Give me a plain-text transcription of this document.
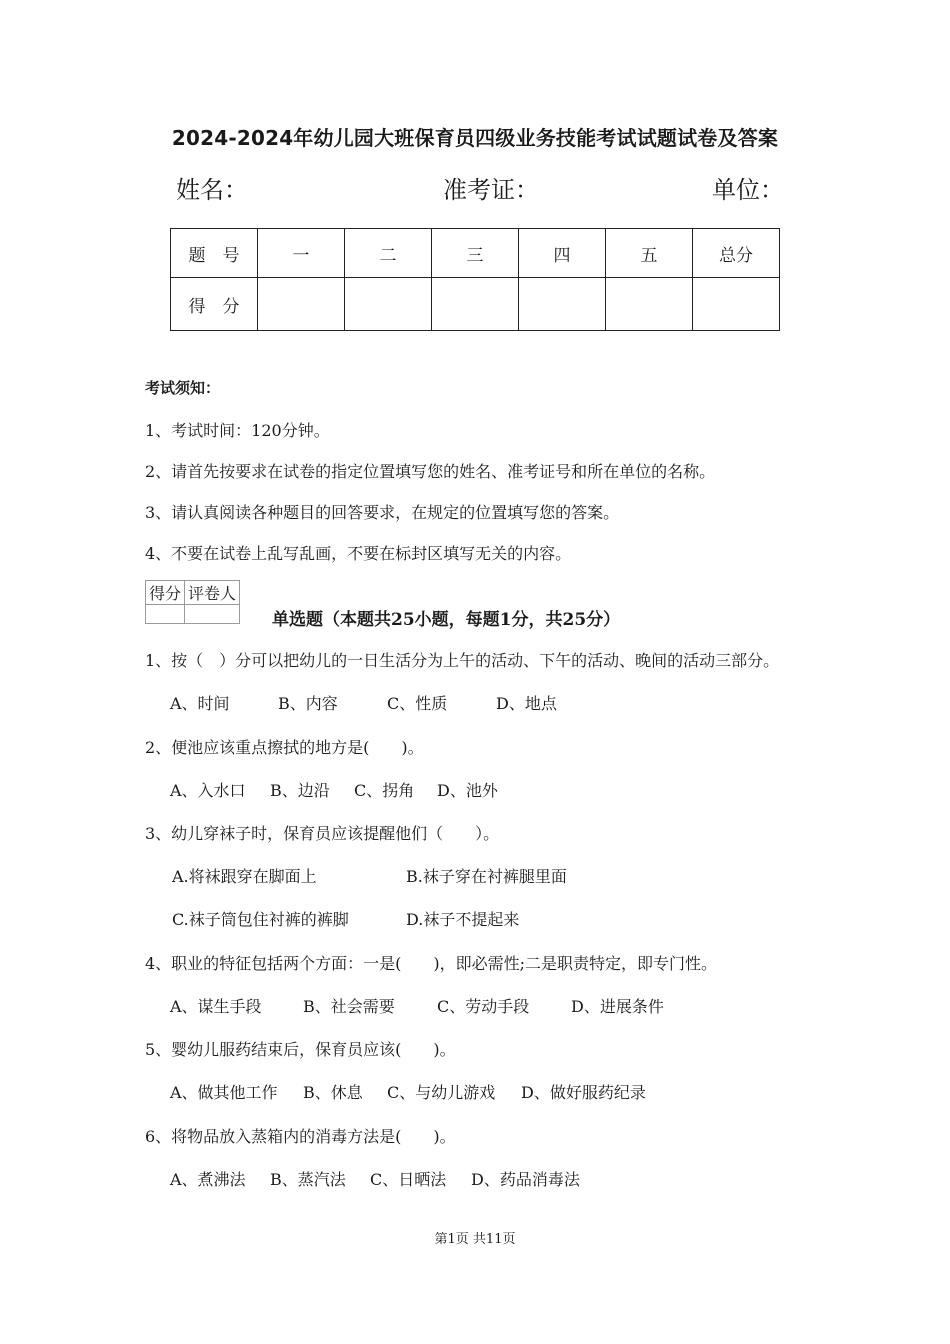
2024-2024年幼儿园大班保育员四级业务技能考试试题试卷及答案
姓名：	准考证：	单位：
题　号	一	二	三	四	五	总分
得　分						
考试须知：
1、考试时间：120分钟。
2、请首先按要求在试卷的指定位置填写您的姓名、准考证号和所在单位的名称。
3、请认真阅读各种题目的回答要求，在规定的位置填写您的答案。
4、不要在试卷上乱写乱画，不要在标封区填写无关的内容。
得分	评卷人

单选题（本题共25小题，每题1分，共25分）
1、按（　）分可以把幼儿的一日生活分为上午的活动、下午的活动、晚间的活动三部分。
A、时间	B、内容	C、性质	D、地点
2、便池应该重点擦拭的地方是(　　)。
A、入水口 B、边沿 C、拐角 D、池外
3、幼儿穿袜子时，保育员应该提醒他们（　　）。
A.将袜跟穿在脚面上	B.袜子穿在衬裤腿里面
C.袜子筒包住衬裤的裤脚	D.袜子不提起来
4、职业的特征包括两个方面：一是(　　)，即必需性;二是职责特定，即专门性。
A、谋生手段	B、社会需要	C、劳动手段	D、进展条件
5、婴幼儿服药结束后，保育员应该(　　)。
A、做其他工作 B、休息 C、与幼儿游戏 D、做好服药纪录
6、将物品放入蒸箱内的消毒方法是(　　)。
A、煮沸法 B、蒸汽法 C、日晒法 D、药品消毒法
第1页 共11页
